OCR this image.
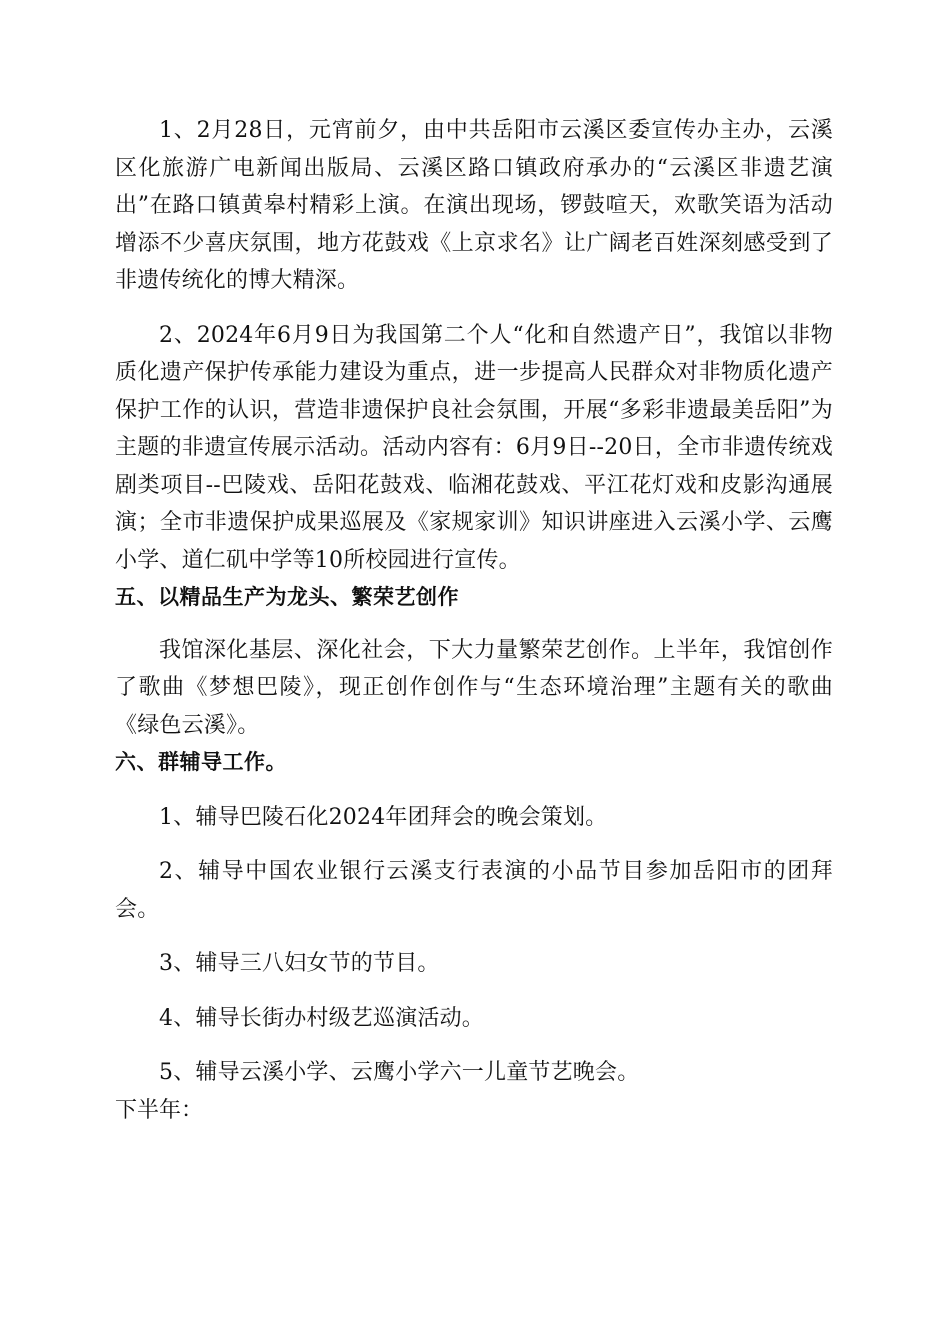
1、2月28日，元宵前夕，由中共岳阳市云溪区委宣传办主办，云溪区化旅游广电新闻出版局、云溪区路口镇政府承办的“云溪区非遗艺演出”在路口镇黄皋村精彩上演。在演出现场，锣鼓喧天，欢歌笑语为活动增添不少喜庆氛围，地方花鼓戏《上京求名》让广阔老百姓深刻感受到了非遗传统化的博大精深。

2、2024年6月9日为我国第二个人“化和自然遗产日”，我馆以非物质化遗产保护传承能力建设为重点，进一步提高人民群众对非物质化遗产保护工作的认识，营造非遗保护良社会氛围，开展“多彩非遗最美岳阳”为主题的非遗宣传展示活动。活动内容有：6月9日--20日，全市非遗传统戏剧类项目--巴陵戏、岳阳花鼓戏、临湘花鼓戏、平江花灯戏和皮影沟通展演；全市非遗保护成果巡展及《家规家训》知识讲座进入云溪小学、云鹰小学、道仁矶中学等10所校园进行宣传。

五、以精品生产为龙头、繁荣艺创作

我馆深化基层、深化社会，下大力量繁荣艺创作。上半年，我馆创作了歌曲《梦想巴陵》，现正创作创作与“生态环境治理”主题有关的歌曲《绿色云溪》。

六、群辅导工作。

1、辅导巴陵石化2024年团拜会的晚会策划。

2、辅导中国农业银行云溪支行表演的小品节目参加岳阳市的团拜会。

3、辅导三八妇女节的节目。

4、辅导长街办村级艺巡演活动。

5、辅导云溪小学、云鹰小学六一儿童节艺晚会。

下半年：
